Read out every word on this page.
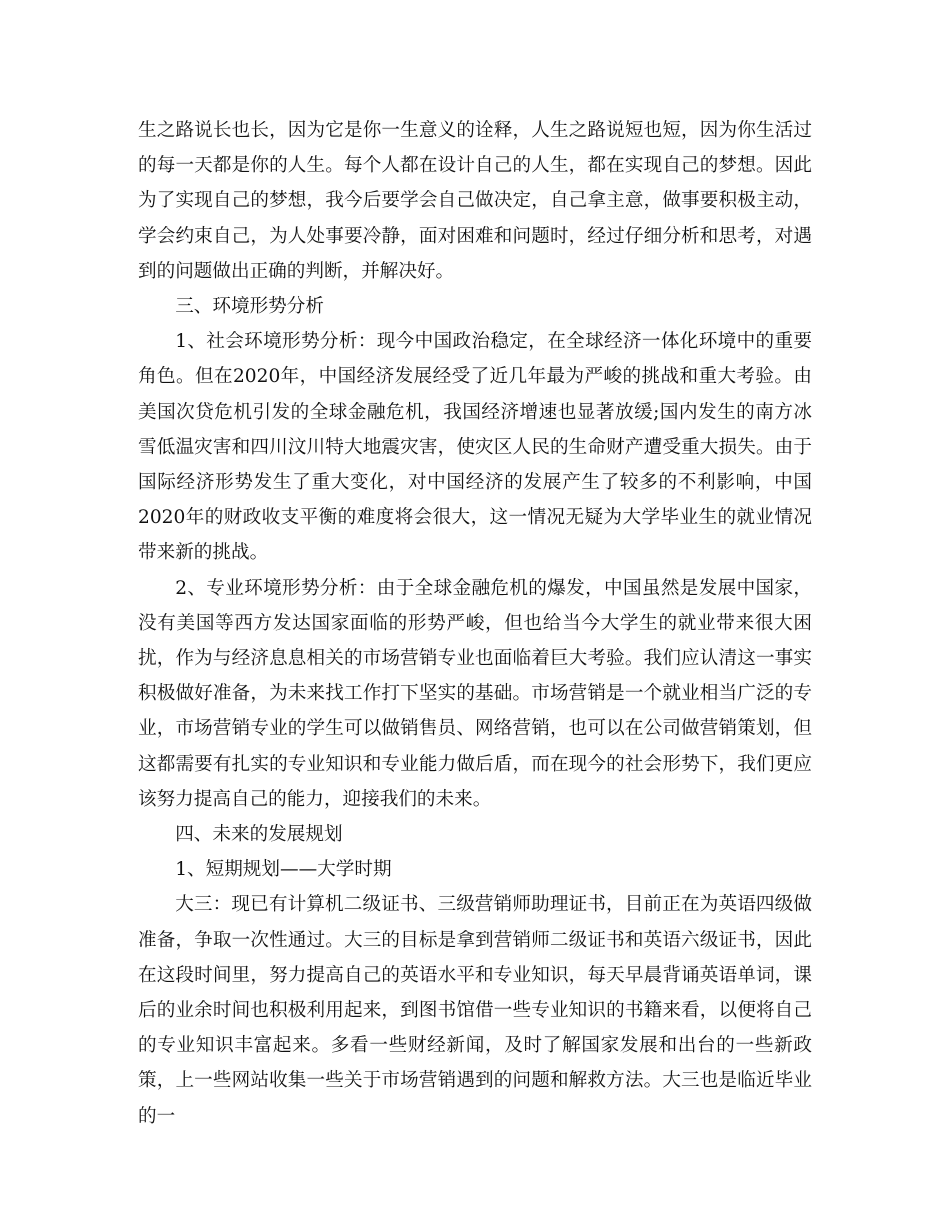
生之路说长也长，因为它是你一生意义的诠释，人生之路说短也短，因为你生活过的每一天都是你的人生。每个人都在设计自己的人生，都在实现自己的梦想。因此为了实现自己的梦想，我今后要学会自己做决定，自己拿主意，做事要积极主动，学会约束自己，为人处事要冷静，面对困难和问题时，经过仔细分析和思考，对遇到的问题做出正确的判断，并解决好。

三、环境形势分析

1、社会环境形势分析：现今中国政治稳定，在全球经济一体化环境中的重要角色。但在2020年，中国经济发展经受了近几年最为严峻的挑战和重大考验。由美国次贷危机引发的全球金融危机，我国经济增速也显著放缓;国内发生的南方冰雪低温灾害和四川汶川特大地震灾害，使灾区人民的生命财产遭受重大损失。由于国际经济形势发生了重大变化，对中国经济的发展产生了较多的不利影响，中国2020年的财政收支平衡的难度将会很大，这一情况无疑为大学毕业生的就业情况带来新的挑战。

2、专业环境形势分析：由于全球金融危机的爆发，中国虽然是发展中国家，没有美国等西方发达国家面临的形势严峻，但也给当今大学生的就业带来很大困扰，作为与经济息息相关的市场营销专业也面临着巨大考验。我们应认清这一事实积极做好准备，为未来找工作打下坚实的基础。市场营销是一个就业相当广泛的专业，市场营销专业的学生可以做销售员、网络营销，也可以在公司做营销策划，但这都需要有扎实的专业知识和专业能力做后盾，而在现今的社会形势下，我们更应该努力提高自己的能力，迎接我们的未来。

四、未来的发展规划

1、短期规划——大学时期

大三：现已有计算机二级证书、三级营销师助理证书，目前正在为英语四级做准备，争取一次性通过。大三的目标是拿到营销师二级证书和英语六级证书，因此在这段时间里，努力提高自己的英语水平和专业知识，每天早晨背诵英语单词，课后的业余时间也积极利用起来，到图书馆借一些专业知识的书籍来看，以便将自己的专业知识丰富起来。多看一些财经新闻，及时了解国家发展和出台的一些新政策，上一些网站收集一些关于市场营销遇到的问题和解救方法。大三也是临近毕业的一
